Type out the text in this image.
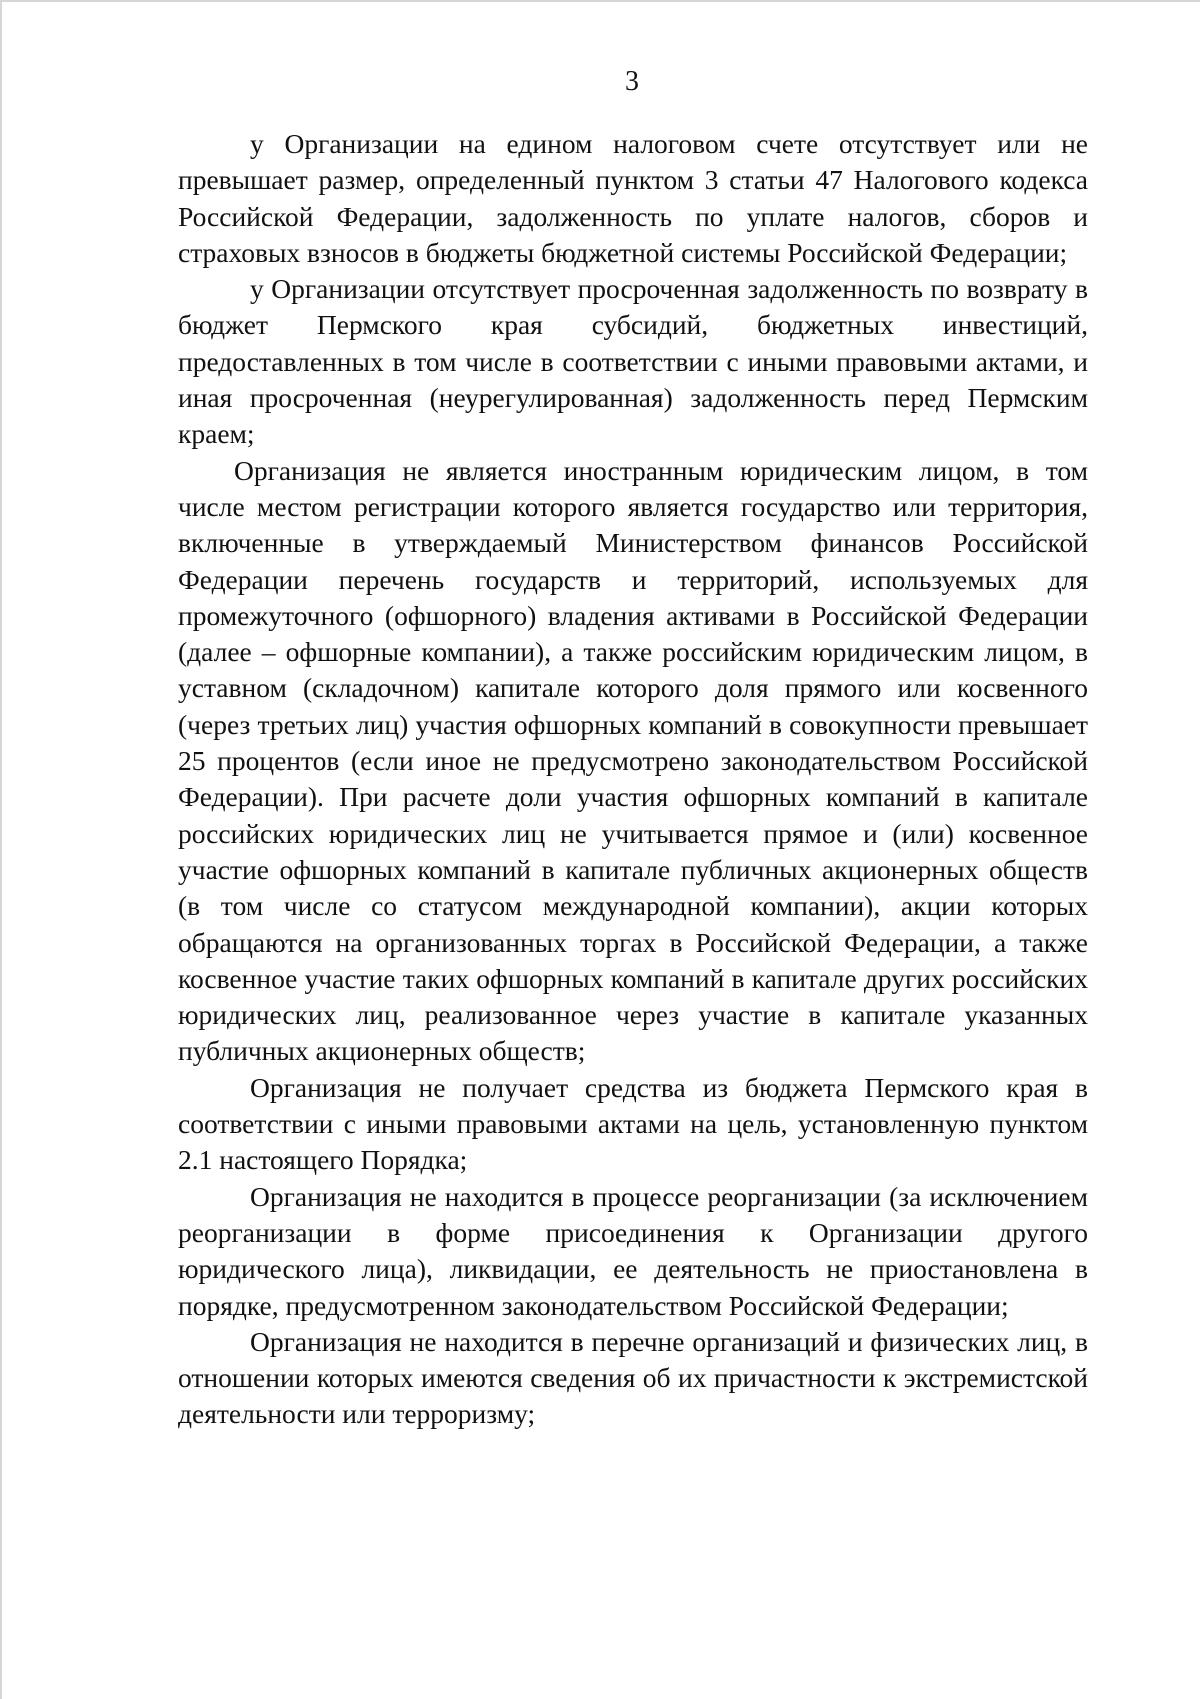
3

у Организации на едином налоговом счете отсутствует или не превышает размер, определенный пунктом 3 статьи 47 Налогового кодекса Российской Федерации, задолженность по уплате налогов, сборов и страховых взносов в бюджеты бюджетной системы Российской Федерации;

у Организации отсутствует просроченная задолженность по возврату в бюджет Пермского края субсидий, бюджетных инвестиций, предоставленных в том числе в соответствии с иными правовыми актами, и иная просроченная (неурегулированная) задолженность перед Пермским краем;

Организация не является иностранным юридическим лицом, в том числе местом регистрации которого является государство или территория, включенные в утверждаемый Министерством финансов Российской Федерации перечень государств и территорий, используемых для промежуточного (офшорного) владения активами в Российской Федерации (далее – офшорные компании), а также российским юридическим лицом, в уставном (складочном) капитале которого доля прямого или косвенного (через третьих лиц) участия офшорных компаний в совокупности превышает 25 процентов (если иное не предусмотрено законодательством Российской Федерации). При расчете доли участия офшорных компаний в капитале российских юридических лиц не учитывается прямое и (или) косвенное участие офшорных компаний в капитале публичных акционерных обществ (в том числе со статусом международной компании), акции которых обращаются на организованных торгах в Российской Федерации, а также косвенное участие таких офшорных компаний в капитале других российских юридических лиц, реализованное через участие в капитале указанных публичных акционерных обществ;

Организация не получает средства из бюджета Пермского края в соответствии с иными правовыми актами на цель, установленную пунктом 2.1 настоящего Порядка;

Организация не находится в процессе реорганизации (за исключением реорганизации в форме присоединения к Организации другого юридического лица), ликвидации, ее деятельность не приостановлена в порядке, предусмотренном законодательством Российской Федерации;

Организация не находится в перечне организаций и физических лиц, в отношении которых имеются сведения об их причастности к экстремистской деятельности или терроризму;
